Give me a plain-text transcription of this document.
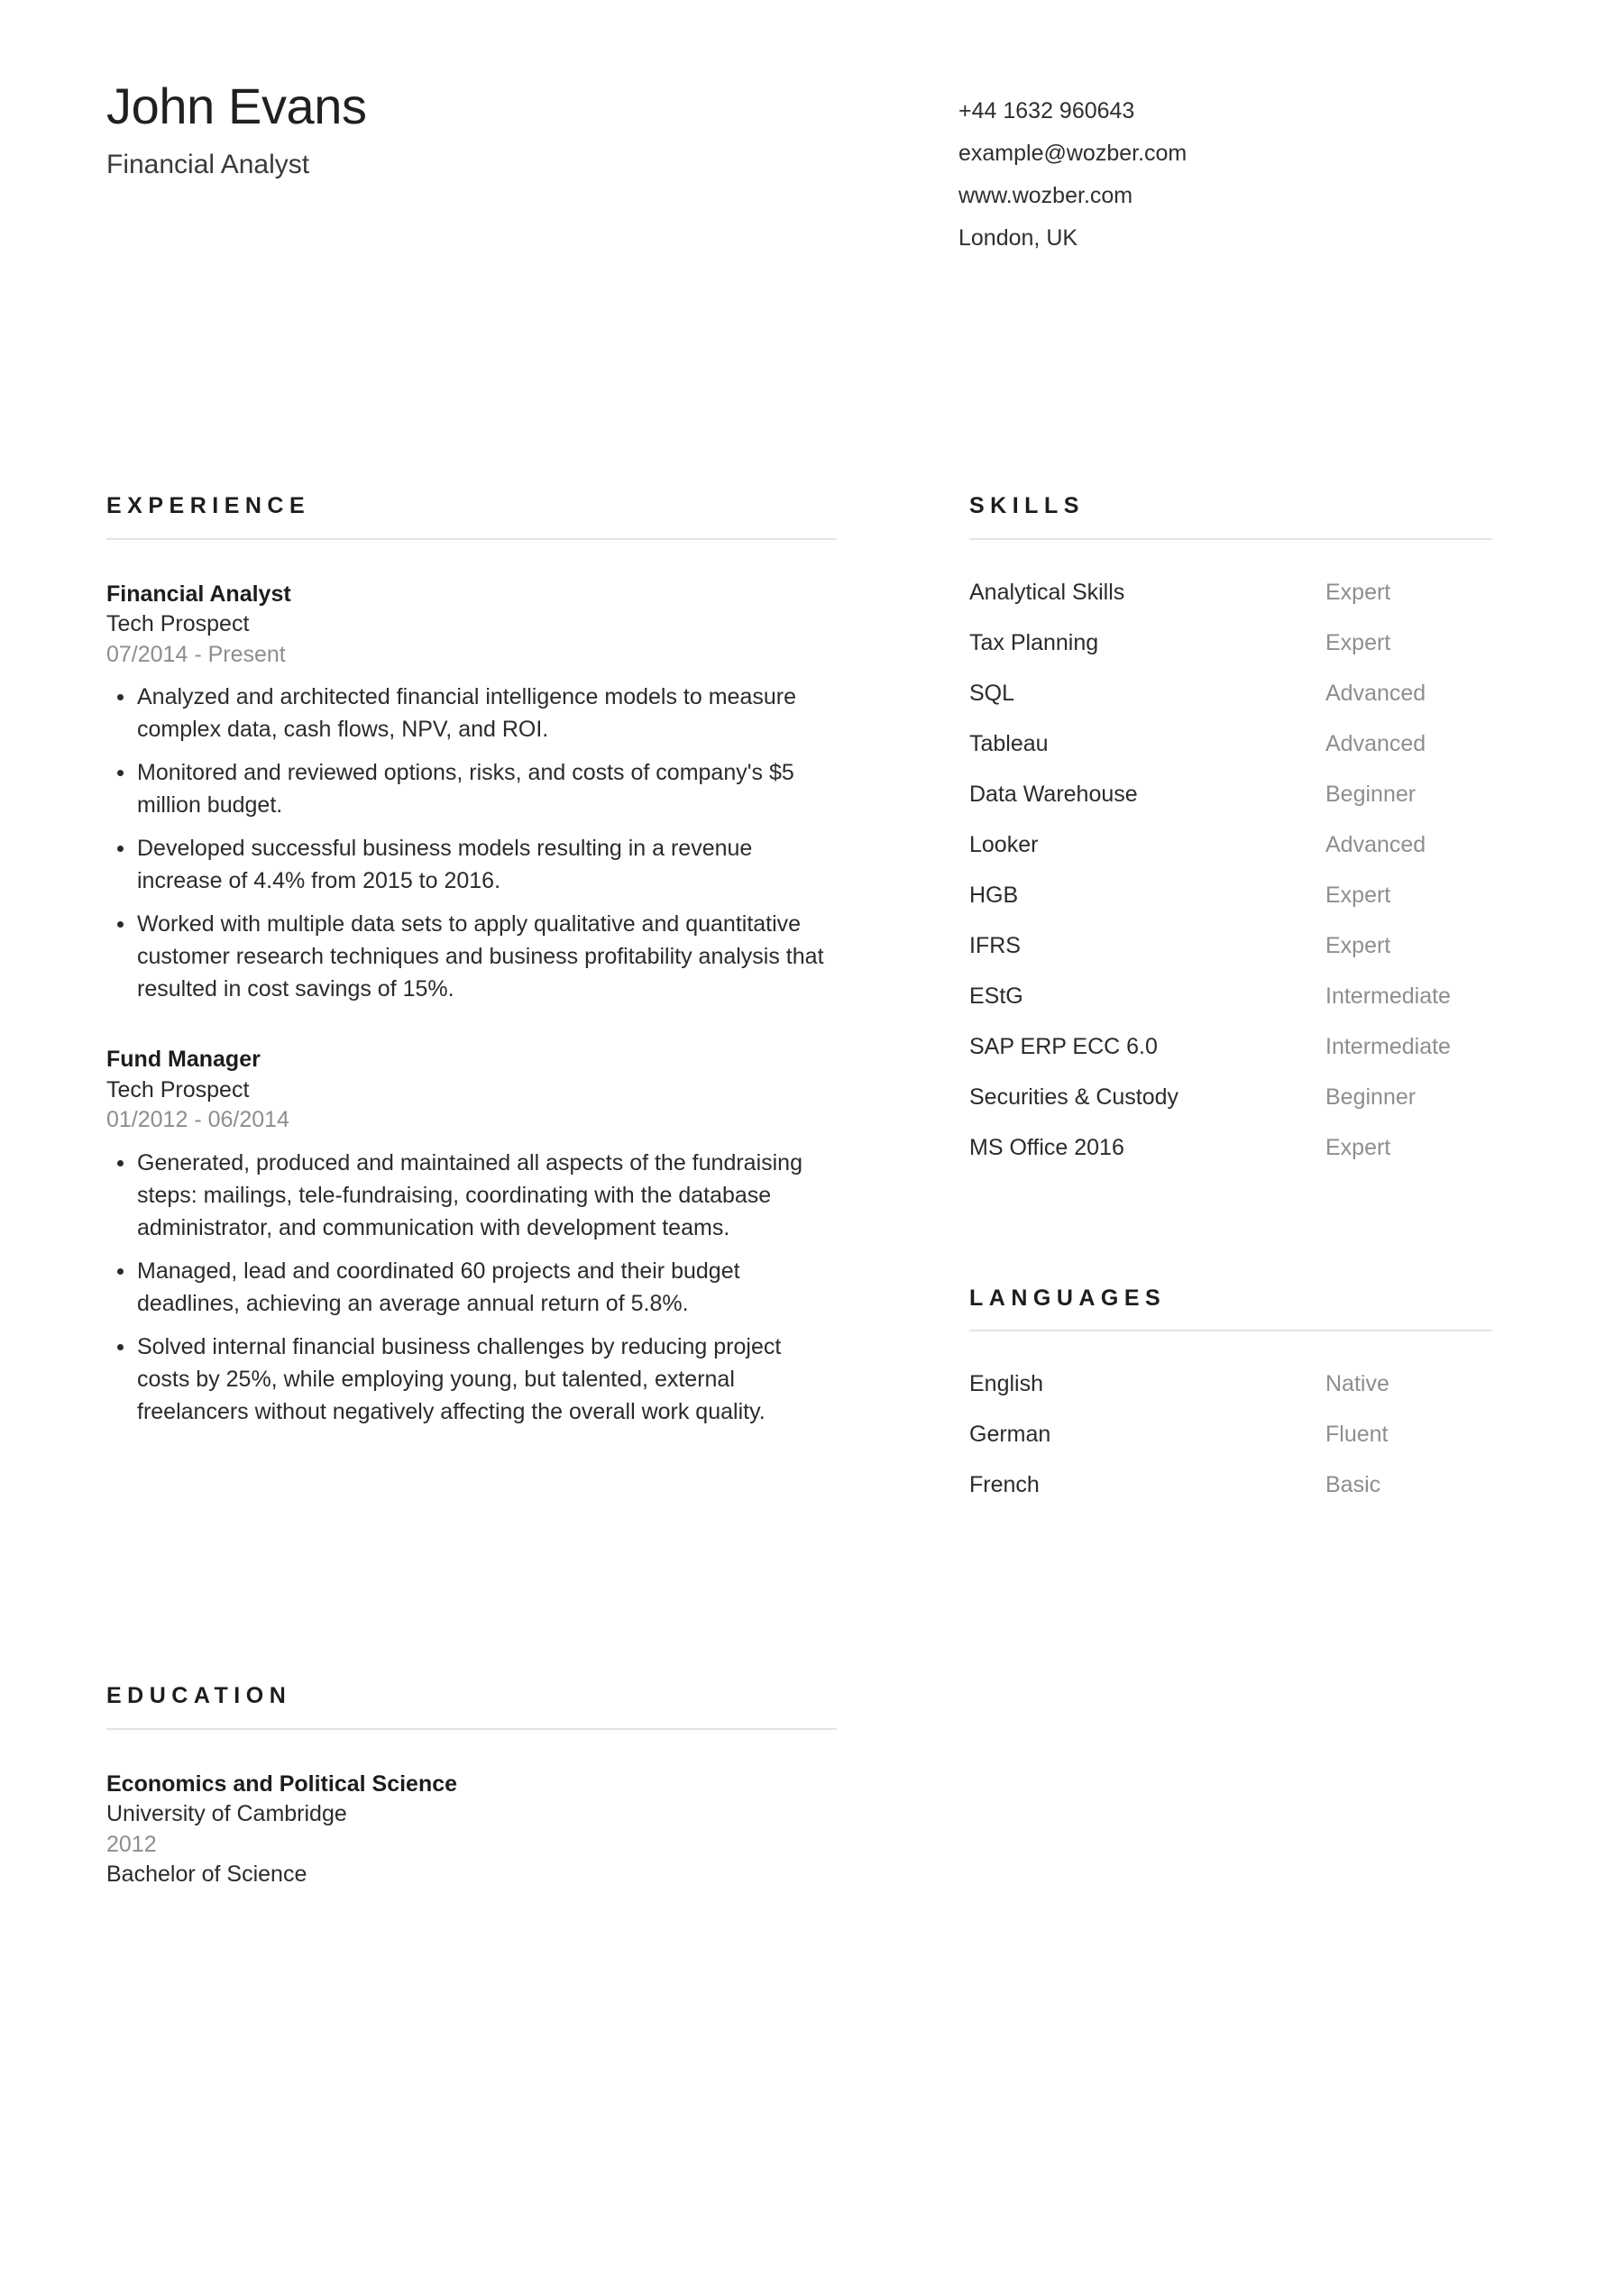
John Evans
Financial Analyst
+44 1632 960643
example@wozber.com
www.wozber.com
London, UK
EXPERIENCE
Financial Analyst
Tech Prospect
07/2014 - Present
Analyzed and architected financial intelligence models to measure complex data, cash flows, NPV, and ROI.
Monitored and reviewed options, risks, and costs of company's $5 million budget.
Developed successful business models resulting in a revenue increase of 4.4% from 2015 to 2016.
Worked with multiple data sets to apply qualitative and quantitative customer research techniques and business profitability analysis that resulted in cost savings of 15%.
Fund Manager
Tech Prospect
01/2012 - 06/2014
Generated, produced and maintained all aspects of the fundraising steps: mailings, tele-fundraising, coordinating with the database administrator, and communication with development teams.
Managed, lead and coordinated 60 projects and their budget deadlines, achieving an average annual return of 5.8%.
Solved internal financial business challenges by reducing project costs by 25%, while employing young, but talented, external freelancers without negatively affecting the overall work quality.
EDUCATION
Economics and Political Science
University of Cambridge
2012
Bachelor of Science
SKILLS
Analytical Skills	Expert
Tax Planning	Expert
SQL	Advanced
Tableau	Advanced
Data Warehouse	Beginner
Looker	Advanced
HGB	Expert
IFRS	Expert
EStG	Intermediate
SAP ERP ECC 6.0	Intermediate
Securities & Custody	Beginner
MS Office 2016	Expert
LANGUAGES
English	Native
German	Fluent
French	Basic
